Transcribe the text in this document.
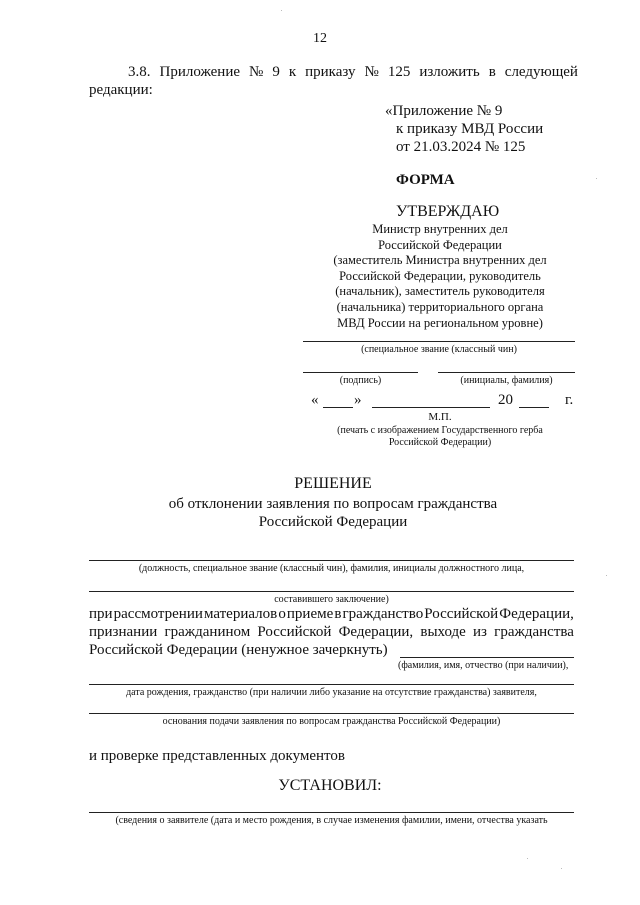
12
3.8. Приложение № 9 к приказу № 125 изложить в следующей
редакции:
«Приложение № 9
к приказу МВД России
от 21.03.2024 № 125
ФОРМА
УТВЕРЖДАЮ
Министр внутренних дел
Российской Федерации
(заместитель Министра внутренних дел
Российской Федерации, руководитель
(начальник), заместитель руководителя
(начальника) территориального органа
МВД России на региональном уровне)
(специальное звание (классный чин)
(подпись)	(инициалы, фамилия)
« »	20	г.
М.П.
(печать с изображением Государственного герба
Российской Федерации)
РЕШЕНИЕ
об отклонении заявления по вопросам гражданства
Российской Федерации
(должность, специальное звание (классный чин), фамилия, инициалы должностного лица,
составившего заключение)
при рассмотрении материалов о приеме в гражданство Российской Федерации,
признании гражданином Российской Федерации, выходе из гражданства
Российской Федерации (ненужное зачеркнуть)
(фамилия, имя, отчество (при наличии),
дата рождения, гражданство (при наличии либо указание на отсутствие гражданства) заявителя,
основания подачи заявления по вопросам гражданства Российской Федерации)
и проверке представленных документов
УСТАНОВИЛ:
(сведения о заявителе (дата и место рождения, в случае изменения фамилии, имени, отчества указать
